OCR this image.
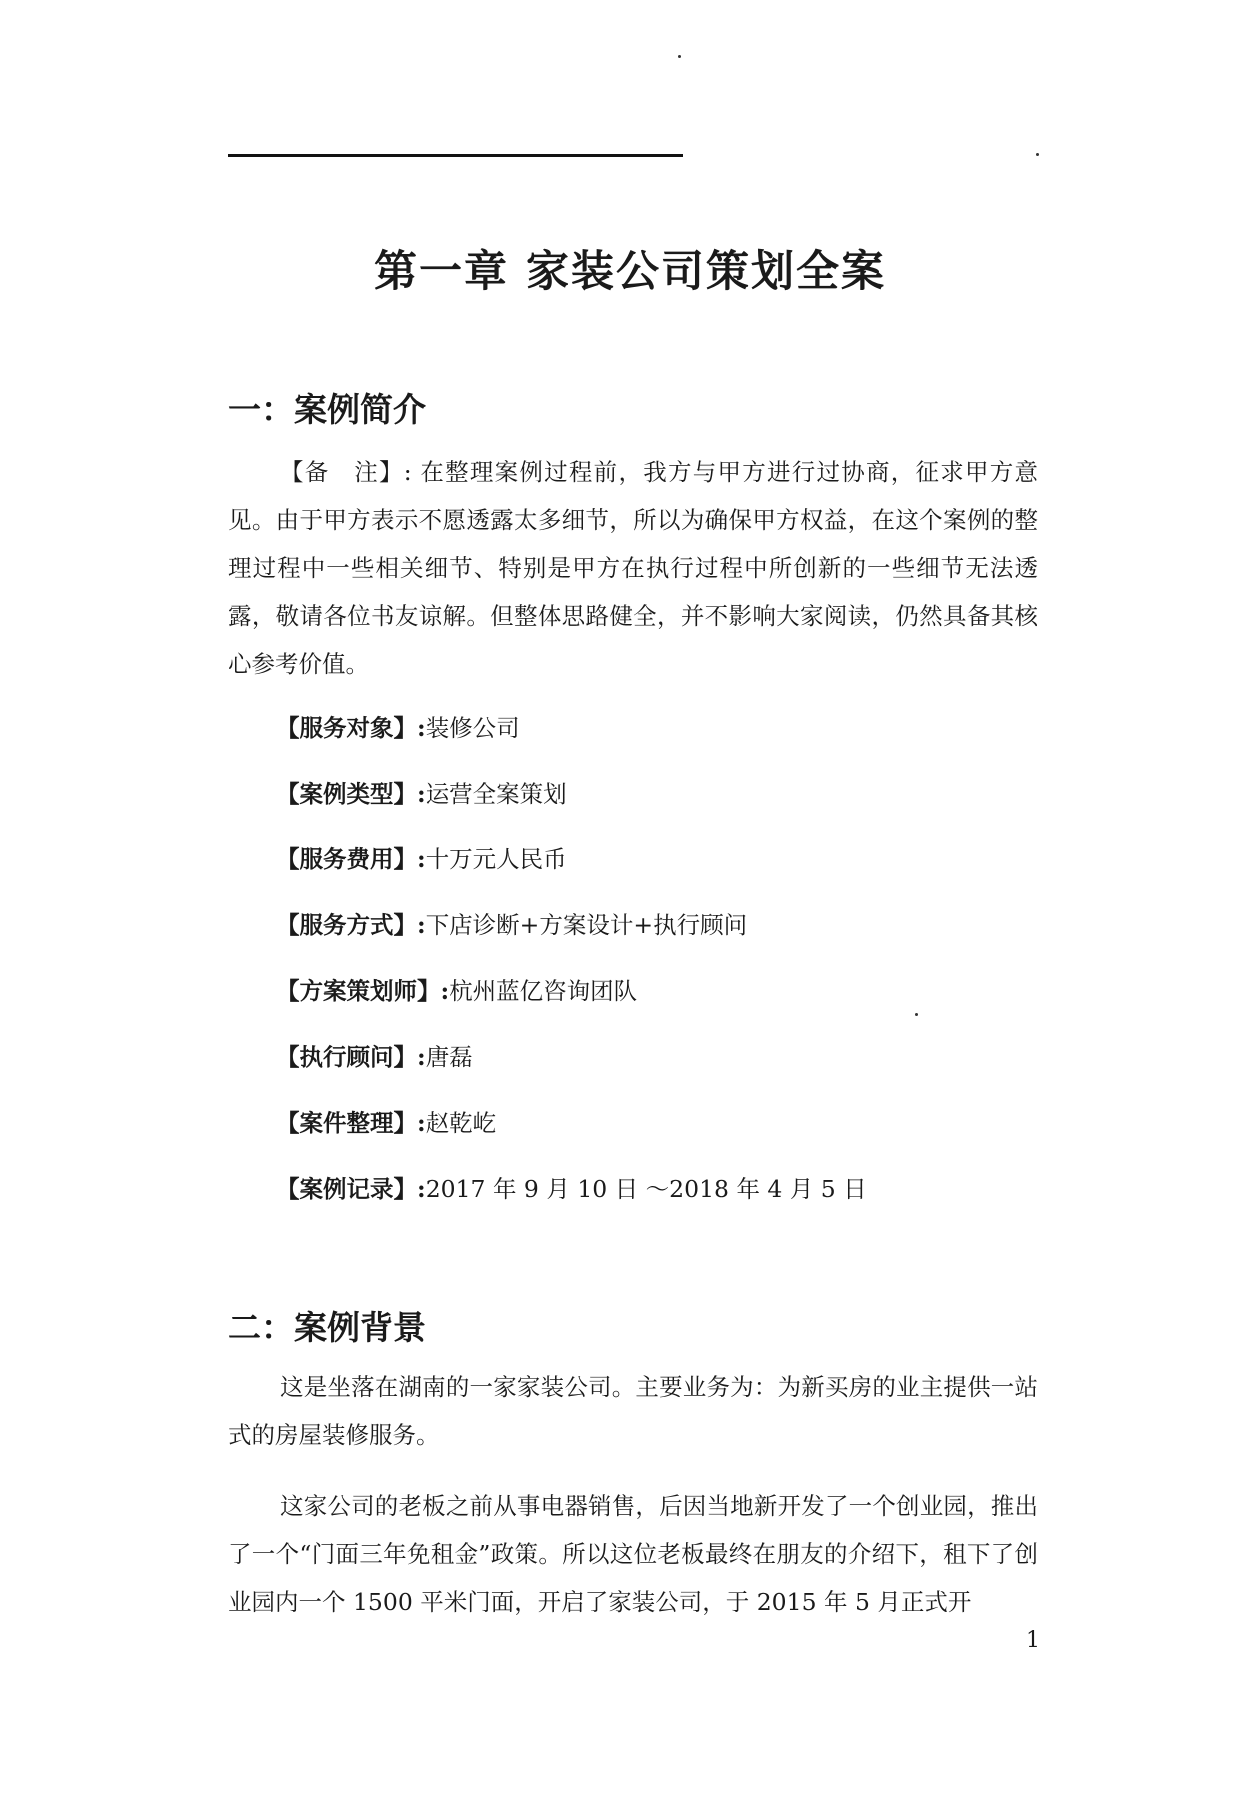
第一章 家装公司策划全案
一：案例简介

【备　注】: 在整理案例过程前，我方与甲方进行过协商，征求甲方意见。由于甲方表示不愿透露太多细节，所以为确保甲方权益，在这个案例的整理过程中一些相关细节、特别是甲方在执行过程中所创新的一些细节无法透露，敬请各位书友谅解。但整体思路健全，并不影响大家阅读，仍然具备其核心参考价值。

【服务对象】:装修公司
【案例类型】:运营全案策划
【服务费用】:十万元人民币
【服务方式】:下店诊断+方案设计+执行顾问
【方案策划师】:杭州蓝亿咨询团队
【执行顾问】:唐磊
【案件整理】:赵乾屹
【案例记录】:2017 年 9 月 10 日 ～2018 年 4 月 5 日
二：案例背景

这是坐落在湖南的一家家装公司。主要业务为：为新买房的业主提供一站式的房屋装修服务。

这家公司的老板之前从事电器销售，后因当地新开发了一个创业园，推出了一个“门面三年免租金”政策。所以这位老板最终在朋友的介绍下，租下了创业园内一个 1500 平米门面，开启了家装公司，于 2015 年 5 月正式开

1
